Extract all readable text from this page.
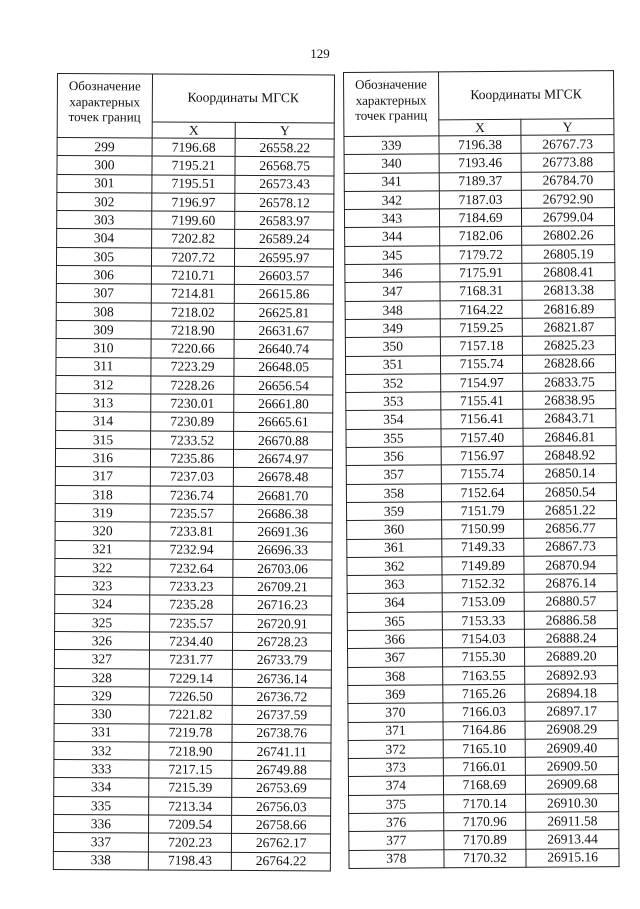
129
Обозначение характерных точек границ	Координаты МГСК	
	X	Y
299	7196.68	26558.22
300	7195.21	26568.75
301	7195.51	26573.43
302	7196.97	26578.12
303	7199.60	26583.97
304	7202.82	26589.24
305	7207.72	26595.97
306	7210.71	26603.57
307	7214.81	26615.86
308	7218.02	26625.81
309	7218.90	26631.67
310	7220.66	26640.74
311	7223.29	26648.05
312	7228.26	26656.54
313	7230.01	26661.80
314	7230.89	26665.61
315	7233.52	26670.88
316	7235.86	26674.97
317	7237.03	26678.48
318	7236.74	26681.70
319	7235.57	26686.38
320	7233.81	26691.36
321	7232.94	26696.33
322	7232.64	26703.06
323	7233.23	26709.21
324	7235.28	26716.23
325	7235.57	26720.91
326	7234.40	26728.23
327	7231.77	26733.79
328	7229.14	26736.14
329	7226.50	26736.72
330	7221.82	26737.59
331	7219.78	26738.76
332	7218.90	26741.11
333	7217.15	26749.88
334	7215.39	26753.69
335	7213.34	26756.03
336	7209.54	26758.66
337	7202.23	26762.17
338	7198.43	26764.22
Обозначение характерных точек границ	Координаты МГСК	
	X	Y
339	7196.38	26767.73
340	7193.46	26773.88
341	7189.37	26784.70
342	7187.03	26792.90
343	7184.69	26799.04
344	7182.06	26802.26
345	7179.72	26805.19
346	7175.91	26808.41
347	7168.31	26813.38
348	7164.22	26816.89
349	7159.25	26821.87
350	7157.18	26825.23
351	7155.74	26828.66
352	7154.97	26833.75
353	7155.41	26838.95
354	7156.41	26843.71
355	7157.40	26846.81
356	7156.97	26848.92
357	7155.74	26850.14
358	7152.64	26850.54
359	7151.79	26851.22
360	7150.99	26856.77
361	7149.33	26867.73
362	7149.89	26870.94
363	7152.32	26876.14
364	7153.09	26880.57
365	7153.33	26886.58
366	7154.03	26888.24
367	7155.30	26889.20
368	7163.55	26892.93
369	7165.26	26894.18
370	7166.03	26897.17
371	7164.86	26908.29
372	7165.10	26909.40
373	7166.01	26909.50
374	7168.69	26909.68
375	7170.14	26910.30
376	7170.96	26911.58
377	7170.89	26913.44
378	7170.32	26915.16
